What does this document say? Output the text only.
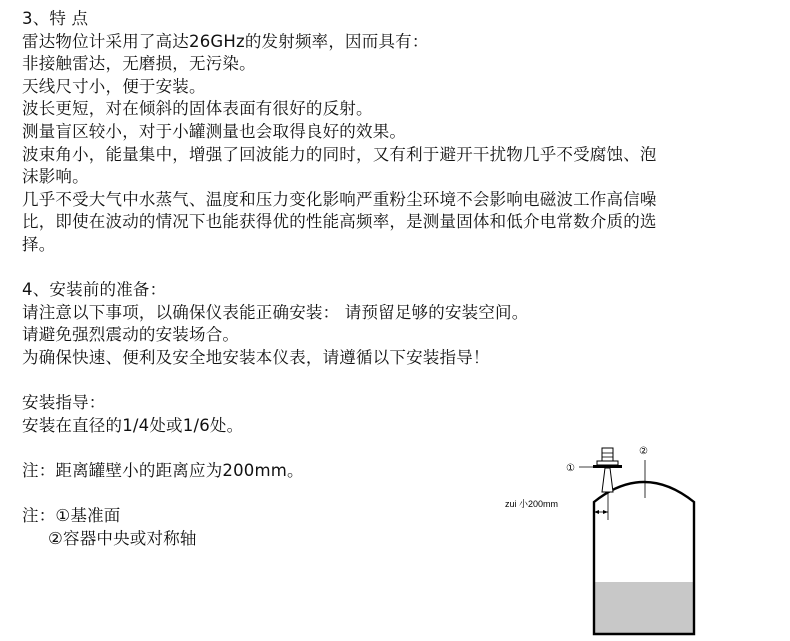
3、特 点
雷达物位计采用了高达26GHz的发射频率，因而具有：
非接触雷达，无磨损，无污染。
天线尺寸小，便于安装。
波长更短，对在倾斜的固体表面有很好的反射。
测量盲区较小，对于小罐测量也会取得良好的效果。
波束角小，能量集中，增强了回波能力的同时，又有利于避开干扰物几乎不受腐蚀、泡
沫影响。
几乎不受大气中水蒸气、温度和压力变化影响严重粉尘环境不会影响电磁波工作高信噪
比，即使在波动的情况下也能获得优的性能高频率，是测量固体和低介电常数介质的选
择。
4、安装前的准备：
请注意以下事项，以确保仪表能正确安装： 请预留足够的安装空间。
请避免强烈震动的安装场合。
为确保快速、便利及安全地安装本仪表，请遵循以下安装指导！
安装指导：
安装在直径的1/4处或1/6处。
注：距离罐壁小的距离应为200mm。
注：①基准面
②容器中央或对称轴
①
②
zui 小200mm
